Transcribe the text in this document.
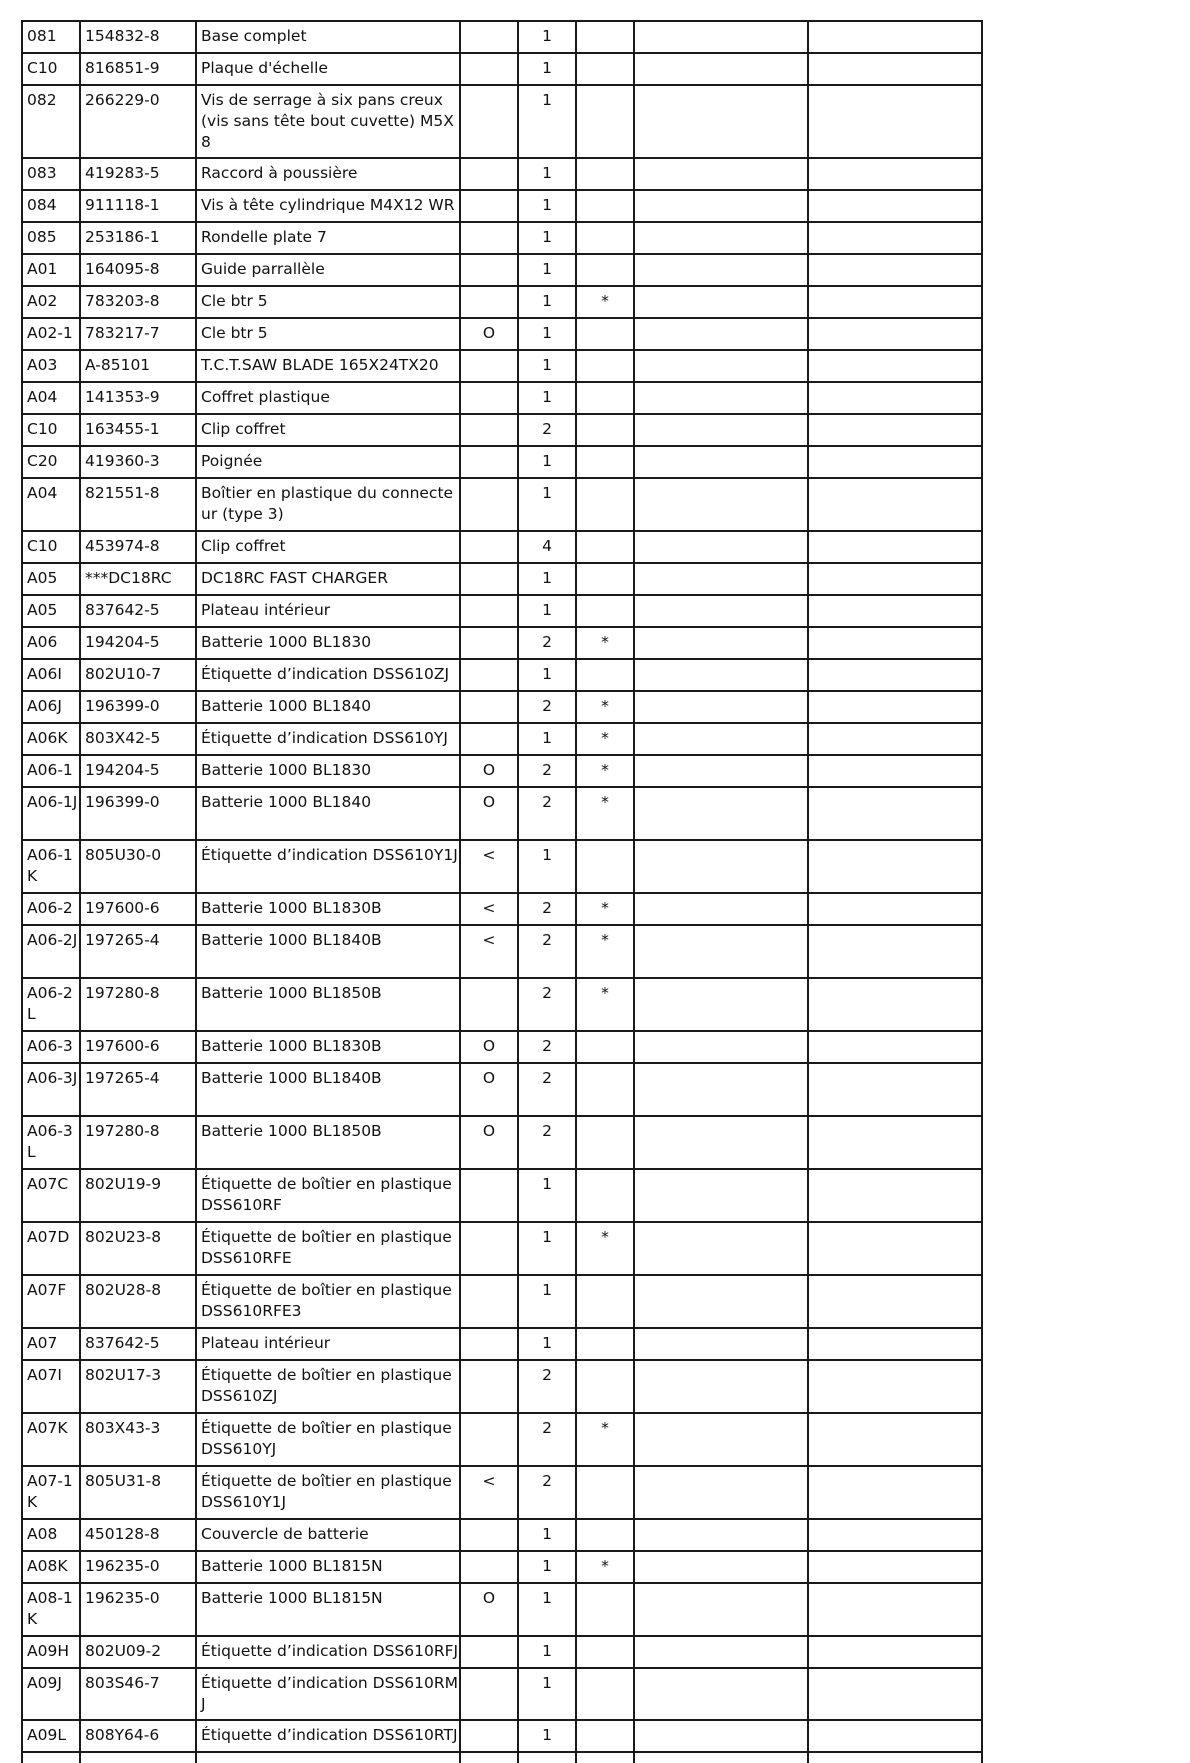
081	154832-8	Base complet		1			
C10	816851-9	Plaque d'échelle		1			
082	266229-0	Vis de serrage à six pans creux (vis sans tête bout cuvette) M5X8		1			
083	419283-5	Raccord à poussière		1			
084	911118-1	Vis à tête cylindrique M4X12 WR		1			
085	253186-1	Rondelle plate 7		1			
A01	164095-8	Guide parrallèle		1			
A02	783203-8	Cle btr 5		1	*		
A02-1	783217-7	Cle btr 5	O	1			
A03	A-85101	T.C.T.SAW BLADE 165X24TX20		1			
A04	141353-9	Coffret plastique		1			
C10	163455-1	Clip coffret		2			
C20	419360-3	Poignée		1			
A04	821551-8	Boîtier en plastique du connecteur (type 3)		1			
C10	453974-8	Clip coffret		4			
A05	***DC18RC	DC18RC FAST CHARGER		1			
A05	837642-5	Plateau intérieur		1			
A06	194204-5	Batterie 1000 BL1830		2	*		
A06I	802U10-7	Étiquette d’indication DSS610ZJ		1			
A06J	196399-0	Batterie 1000 BL1840		2	*		
A06K	803X42-5	Étiquette d’indication DSS610YJ		1	*		
A06-1	194204-5	Batterie 1000 BL1830	O	2	*		
A06-1J	196399-0	Batterie 1000 BL1840	O	2	*		
A06-1K	805U30-0	Étiquette d’indication DSS610Y1J	<	1			
A06-2	197600-6	Batterie 1000 BL1830B	<	2	*		
A06-2J	197265-4	Batterie 1000 BL1840B	<	2	*		
A06-2L	197280-8	Batterie 1000 BL1850B		2	*		
A06-3	197600-6	Batterie 1000 BL1830B	O	2			
A06-3J	197265-4	Batterie 1000 BL1840B	O	2			
A06-3L	197280-8	Batterie 1000 BL1850B	O	2			
A07C	802U19-9	Étiquette de boîtier en plastique DSS610RF		1			
A07D	802U23-8	Étiquette de boîtier en plastique DSS610RFE		1	*		
A07F	802U28-8	Étiquette de boîtier en plastique DSS610RFE3		1			
A07	837642-5	Plateau intérieur		1			
A07I	802U17-3	Étiquette de boîtier en plastique DSS610ZJ		2			
A07K	803X43-3	Étiquette de boîtier en plastique DSS610YJ		2	*		
A07-1K	805U31-8	Étiquette de boîtier en plastique DSS610Y1J	<	2			
A08	450128-8	Couvercle de batterie		1			
A08K	196235-0	Batterie 1000 BL1815N		1	*		
A08-1K	196235-0	Batterie 1000 BL1815N	O	1			
A09H	802U09-2	Étiquette d’indication DSS610RFJ		1			
A09J	803S46-7	Étiquette d’indication DSS610RMJ		1			
A09L	808Y64-6	Étiquette d’indication DSS610RTJ		1			
